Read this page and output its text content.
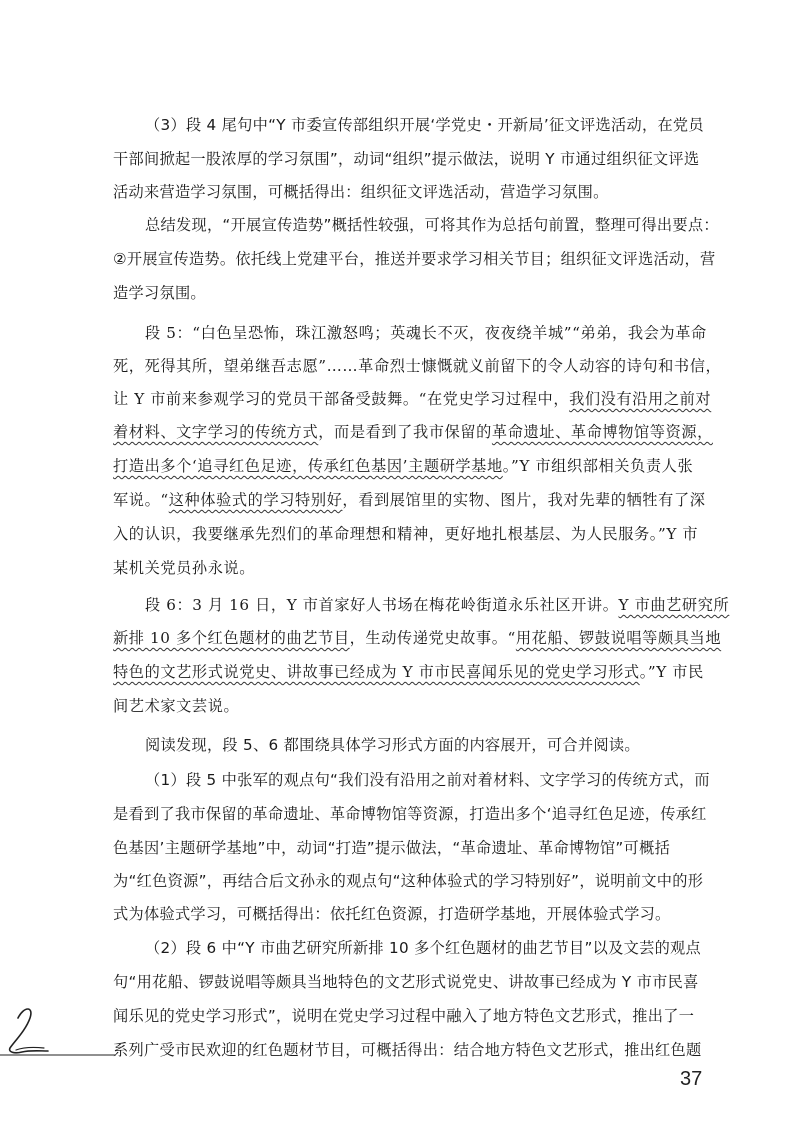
（3）段 4 尾句中“Y 市委宣传部组织开展‘学党史・开新局’征文评选活动，在党员
干部间掀起一股浓厚的学习氛围”，动词“组织”提示做法，说明 Y 市通过组织征文评选
活动来营造学习氛围，可概括得出：组织征文评选活动，营造学习氛围。
总结发现，“开展宣传造势”概括性较强，可将其作为总括句前置，整理可得出要点：
②开展宣传造势。依托线上党建平台，推送并要求学习相关节目；组织征文评选活动，营
造学习氛围。
段 5：“白色呈恐怖，珠江激怒鸣；英魂长不灭，夜夜绕羊城”“弟弟，我会为革命
死，死得其所，望弟继吾志愿”……革命烈士慷慨就义前留下的令人动容的诗句和书信，
让 Y 市前来参观学习的党员干部备受鼓舞。“在党史学习过程中，我们没有沿用之前对
着材料、文字学习的传统方式，而是看到了我市保留的革命遗址、革命博物馆等资源，
打造出多个‘追寻红色足迹，传承红色基因’主题研学基地。”Y 市组织部相关负责人张
军说。“这种体验式的学习特别好，看到展馆里的实物、图片，我对先辈的牺牲有了深
入的认识，我要继承先烈们的革命理想和精神，更好地扎根基层、为人民服务。”Y 市
某机关党员孙永说。
段 6：3 月 16 日，Y 市首家好人书场在梅花岭街道永乐社区开讲。Y 市曲艺研究所
新排 10 多个红色题材的曲艺节目，生动传递党史故事。“用花船、锣鼓说唱等颇具当地
特色的文艺形式说党史、讲故事已经成为 Y 市市民喜闻乐见的党史学习形式。”Y 市民
间艺术家文芸说。
阅读发现，段 5、6 都围绕具体学习形式方面的内容展开，可合并阅读。
（1）段 5 中张军的观点句“我们没有沿用之前对着材料、文字学习的传统方式，而
是看到了我市保留的革命遗址、革命博物馆等资源，打造出多个‘追寻红色足迹，传承红
色基因’主题研学基地”中，动词“打造”提示做法，“革命遗址、革命博物馆”可概括
为“红色资源”，再结合后文孙永的观点句“这种体验式的学习特别好”，说明前文中的形
式为体验式学习，可概括得出：依托红色资源，打造研学基地，开展体验式学习。
（2）段 6 中“Y 市曲艺研究所新排 10 多个红色题材的曲艺节目”以及文芸的观点
句“用花船、锣鼓说唱等颇具当地特色的文艺形式说党史、讲故事已经成为 Y 市市民喜
闻乐见的党史学习形式”，说明在党史学习过程中融入了地方特色文艺形式，推出了一
系列广受市民欢迎的红色题材节目，可概括得出：结合地方特色文艺形式，推出红色题
37
